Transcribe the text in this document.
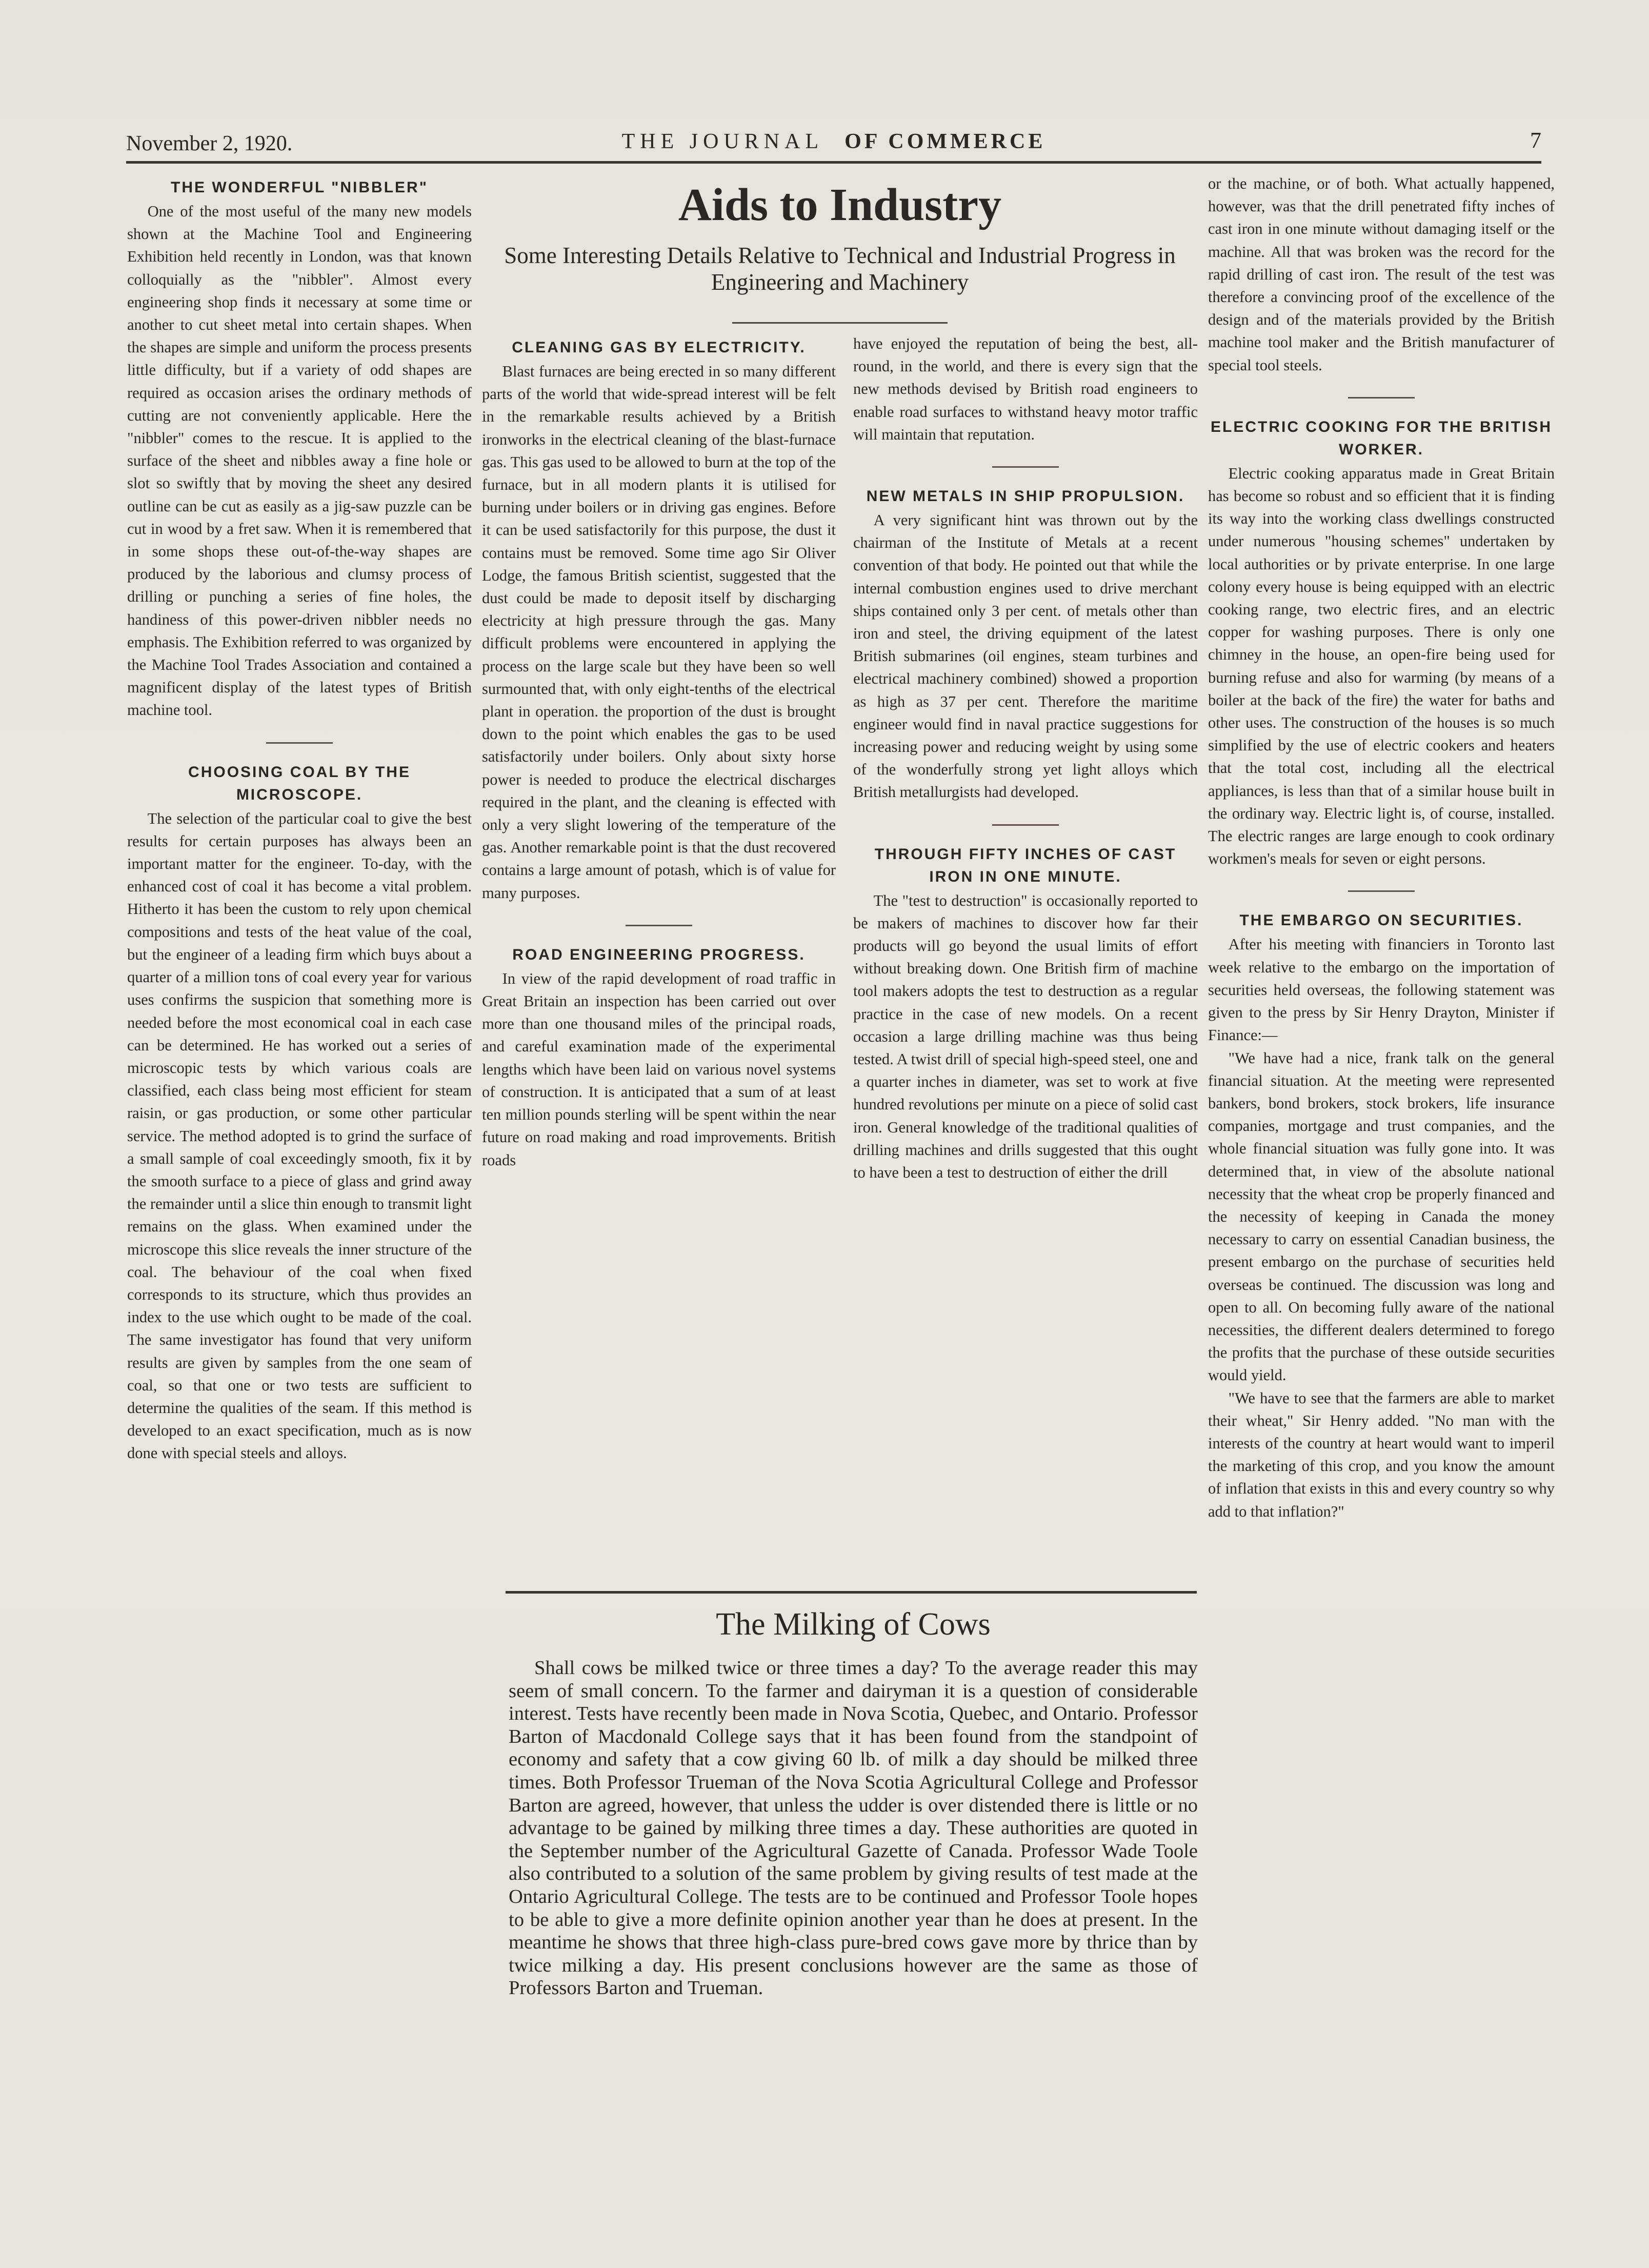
November 2, 1920.	THE JOURNAL OF COMMERCE	7
THE WONDERFUL "NIBBLER"

One of the most useful of the many new models shown at the Machine Tool and Engineering Exhibition held recently in London, was that known colloquially as the "nibbler". Almost every engineering shop finds it necessary at some time or another to cut sheet metal into certain shapes. When the shapes are simple and uniform the process presents little difficulty, but if a variety of odd shapes are required as occasion arises the ordinary methods of cutting are not conveniently applicable. Here the "nibbler" comes to the rescue. It is applied to the surface of the sheet and nibbles away a fine hole or slot so swiftly that by moving the sheet any desired outline can be cut as easily as a jig-saw puzzle can be cut in wood by a fret saw. When it is remembered that in some shops these out-of-the-way shapes are produced by the laborious and clumsy process of drilling or punching a series of fine holes, the handiness of this power-driven nibbler needs no emphasis. The Exhibition referred to was organized by the Machine Tool Trades Association and contained a magnificent display of the latest types of British machine tool.

CHOOSING COAL BY THE MICROSCOPE.

The selection of the particular coal to give the best results for certain purposes has always been an important matter for the engineer. To-day, with the enhanced cost of coal it has become a vital problem. Hitherto it has been the custom to rely upon chemical compositions and tests of the heat value of the coal, but the engineer of a leading firm which buys about a quarter of a million tons of coal every year for various uses confirms the suspicion that something more is needed before the most economical coal in each case can be determined. He has worked out a series of microscopic tests by which various coals are classified, each class being most efficient for steam raisin, or gas production, or some other particular service. The method adopted is to grind the surface of a small sample of coal exceedingly smooth, fix it by the smooth surface to a piece of glass and grind away the remainder until a slice thin enough to transmit light remains on the glass. When examined under the microscope this slice reveals the inner structure of the coal. The behaviour of the coal when fixed corresponds to its structure, which thus provides an index to the use which ought to be made of the coal. The same investigator has found that very uniform results are given by samples from the one seam of coal, so that one or two tests are sufficient to determine the qualities of the seam. If this method is developed to an exact specification, much as is now done with special steels and alloys.

Aids to Industry
Some Interesting Details Relative to Technical and Industrial Progress in Engineering and Machinery
CLEANING GAS BY ELECTRICITY.

Blast furnaces are being erected in so many different parts of the world that wide-spread interest will be felt in the remarkable results achieved by a British ironworks in the electrical cleaning of the blast-furnace gas. This gas used to be allowed to burn at the top of the furnace, but in all modern plants it is utilised for burning under boilers or in driving gas engines. Before it can be used satisfactorily for this purpose, the dust it contains must be removed. Some time ago Sir Oliver Lodge, the famous British scientist, suggested that the dust could be made to deposit itself by discharging electricity at high pressure through the gas. Many difficult problems were encountered in applying the process on the large scale but they have been so well surmounted that, with only eight-tenths of the electrical plant in operation. the proportion of the dust is brought down to the point which enables the gas to be used satisfactorily under boilers. Only about sixty horse power is needed to produce the electrical discharges required in the plant, and the cleaning is effected with only a very slight lowering of the temperature of the gas. Another remarkable point is that the dust recovered contains a large amount of potash, which is of value for many purposes.

ROAD ENGINEERING PROGRESS.

In view of the rapid development of road traffic in Great Britain an inspection has been carried out over more than one thousand miles of the principal roads, and careful examination made of the experimental lengths which have been laid on various novel systems of construction. It is anticipated that a sum of at least ten million pounds sterling will be spent within the near future on road making and road improvements. British roads

have enjoyed the reputation of being the best, all-round, in the world, and there is every sign that the new methods devised by British road engineers to enable road surfaces to withstand heavy motor traffic will maintain that reputation.

NEW METALS IN SHIP PROPULSION.

A very significant hint was thrown out by the chairman of the Institute of Metals at a recent convention of that body. He pointed out that while the internal combustion engines used to drive merchant ships contained only 3 per cent. of metals other than iron and steel, the driving equipment of the latest British submarines (oil engines, steam turbines and electrical machinery combined) showed a proportion as high as 37 per cent. Therefore the maritime engineer would find in naval practice suggestions for increasing power and reducing weight by using some of the wonderfully strong yet light alloys which British metallurgists had developed.

THROUGH FIFTY INCHES OF CAST IRON IN ONE MINUTE.

The "test to destruction" is occasionally reported to be makers of machines to discover how far their products will go beyond the usual limits of effort without breaking down. One British firm of machine tool makers adopts the test to destruction as a regular practice in the case of new models. On a recent occasion a large drilling machine was thus being tested. A twist drill of special high-speed steel, one and a quarter inches in diameter, was set to work at five hundred revolutions per minute on a piece of solid cast iron. General knowledge of the traditional qualities of drilling machines and drills suggested that this ought to have been a test to destruction of either the drill

or the machine, or of both. What actually happened, however, was that the drill penetrated fifty inches of cast iron in one minute without damaging itself or the machine. All that was broken was the record for the rapid drilling of cast iron. The result of the test was therefore a convincing proof of the excellence of the design and of the materials provided by the British machine tool maker and the British manufacturer of special tool steels.

ELECTRIC COOKING FOR THE BRITISH WORKER.

Electric cooking apparatus made in Great Britain has become so robust and so efficient that it is finding its way into the working class dwellings constructed under numerous "housing schemes" undertaken by local authorities or by private enterprise. In one large colony every house is being equipped with an electric cooking range, two electric fires, and an electric copper for washing purposes. There is only one chimney in the house, an open-fire being used for burning refuse and also for warming (by means of a boiler at the back of the fire) the water for baths and other uses. The construction of the houses is so much simplified by the use of electric cookers and heaters that the total cost, including all the electrical appliances, is less than that of a similar house built in the ordinary way. Electric light is, of course, installed. The electric ranges are large enough to cook ordinary workmen's meals for seven or eight persons.

THE EMBARGO ON SECURITIES.

After his meeting with financiers in Toronto last week relative to the embargo on the importation of securities held overseas, the following statement was given to the press by Sir Henry Drayton, Minister if Finance:—

"We have had a nice, frank talk on the general financial situation. At the meeting were represented bankers, bond brokers, stock brokers, life insurance companies, mortgage and trust companies, and the whole financial situation was fully gone into. It was determined that, in view of the absolute national necessity that the wheat crop be properly financed and the necessity of keeping in Canada the money necessary to carry on essential Canadian business, the present embargo on the purchase of securities held overseas be continued. The discussion was long and open to all. On becoming fully aware of the national necessities, the different dealers determined to forego the profits that the purchase of these outside securities would yield.

"We have to see that the farmers are able to market their wheat," Sir Henry added. "No man with the interests of the country at heart would want to imperil the marketing of this crop, and you know the amount of inflation that exists in this and every country so why add to that inflation?"

The Milking of Cows

Shall cows be milked twice or three times a day? To the average reader this may seem of small concern. To the farmer and dairyman it is a question of considerable interest. Tests have recently been made in Nova Scotia, Quebec, and Ontario. Professor Barton of Macdonald College says that it has been found from the standpoint of economy and safety that a cow giving 60 lb. of milk a day should be milked three times. Both Professor Trueman of the Nova Scotia Agricultural College and Professor Barton are agreed, however, that unless the udder is over distended there is little or no advantage to be gained by milking three times a day. These authorities are quoted in the September number of the Agricultural Gazette of Canada. Professor Wade Toole also contributed to a solution of the same problem by giving results of test made at the Ontario Agricultural College. The tests are to be continued and Professor Toole hopes to be able to give a more definite opinion another year than he does at present. In the meantime he shows that three high-class pure-bred cows gave more by thrice than by twice milking a day. His present conclusions however are the same as those of Professors Barton and Trueman.
